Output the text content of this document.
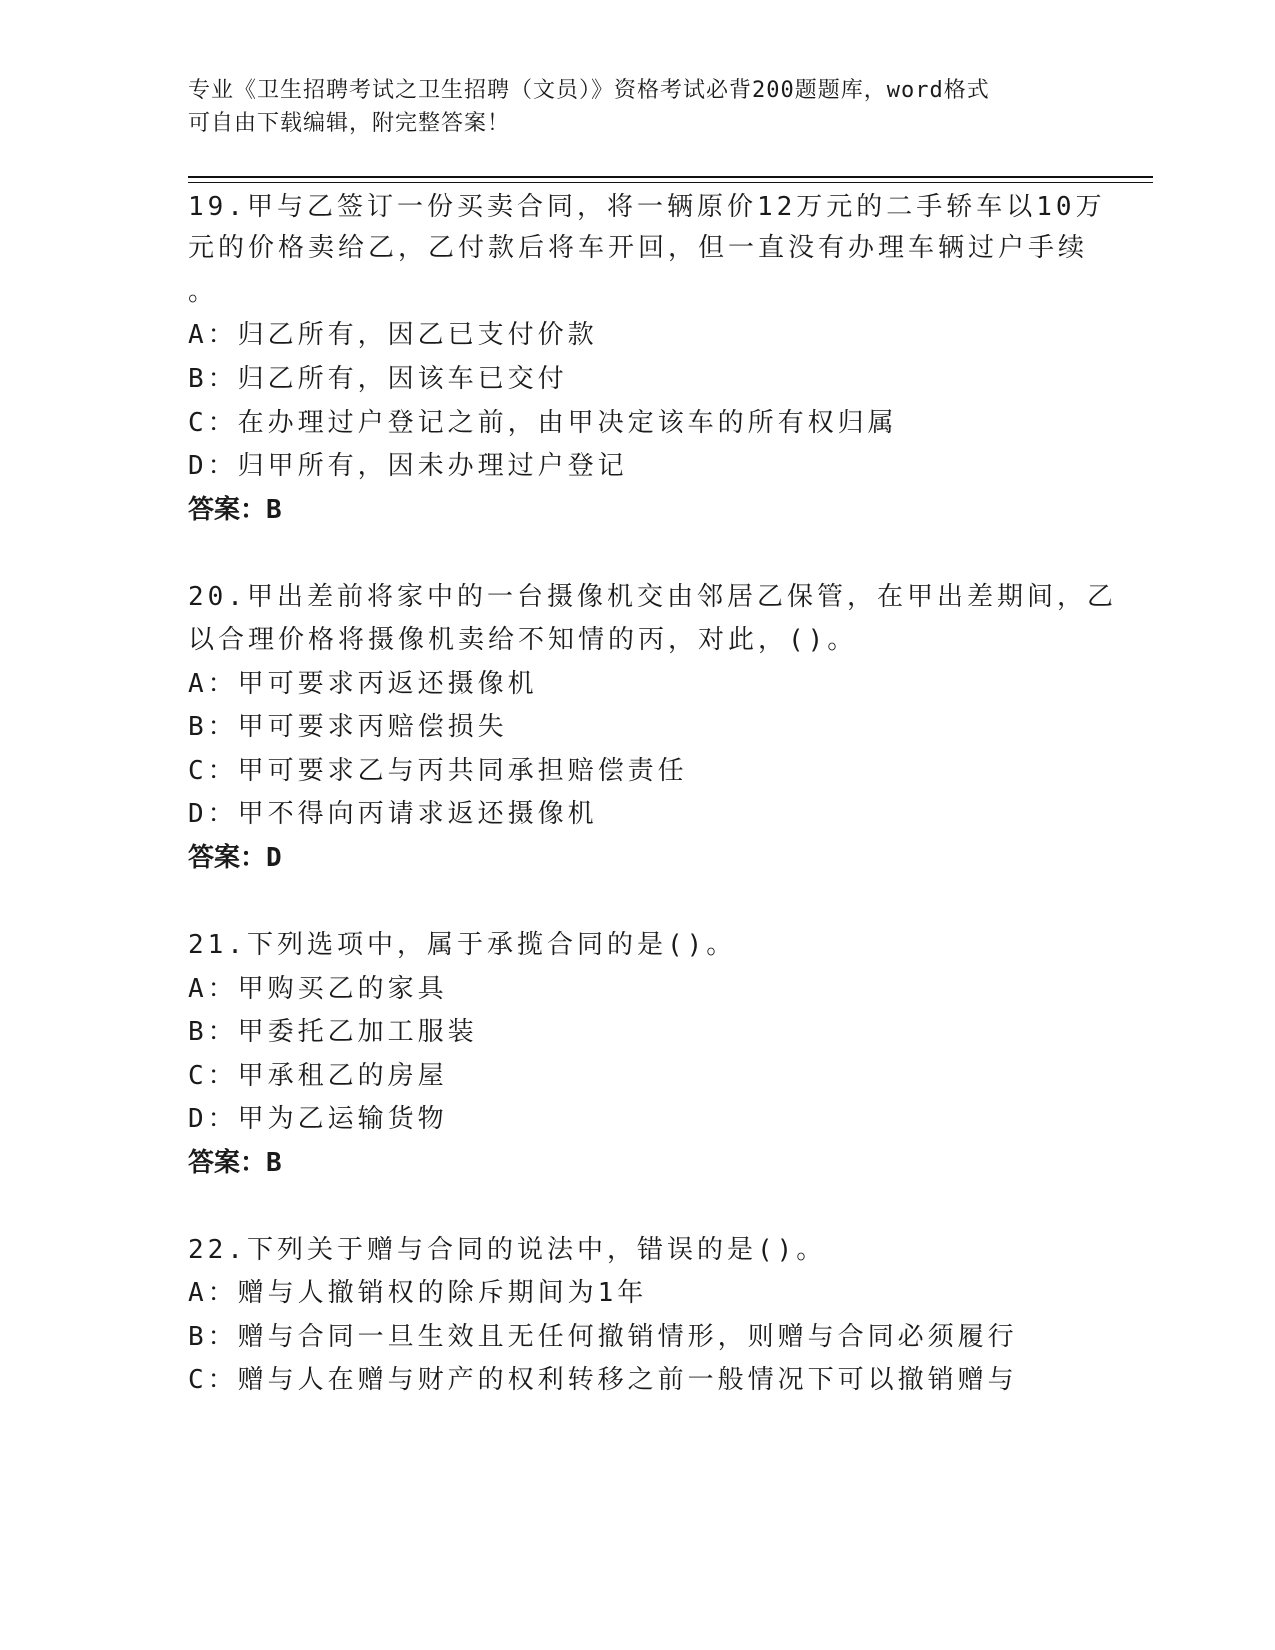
专业《卫生招聘考试之卫生招聘（文员）》资格考试必背200题题库，word格式
可自由下载编辑，附完整答案！
19.甲与乙签订一份买卖合同，将一辆原价12万元的二手轿车以10万
元的价格卖给乙，乙付款后将车开回，但一直没有办理车辆过户手续
。
A：归乙所有，因乙已支付价款
B：归乙所有，因该车已交付
C：在办理过户登记之前，由甲决定该车的所有权归属
D：归甲所有，因未办理过户登记
答案：B
20.甲出差前将家中的一台摄像机交由邻居乙保管，在甲出差期间，乙
以合理价格将摄像机卖给不知情的丙，对此，()。
A：甲可要求丙返还摄像机
B：甲可要求丙赔偿损失
C：甲可要求乙与丙共同承担赔偿责任
D：甲不得向丙请求返还摄像机
答案：D
21.下列选项中，属于承揽合同的是()。
A：甲购买乙的家具
B：甲委托乙加工服装
C：甲承租乙的房屋
D：甲为乙运输货物
答案：B
22.下列关于赠与合同的说法中，错误的是()。
A：赠与人撤销权的除斥期间为1年
B：赠与合同一旦生效且无任何撤销情形，则赠与合同必须履行
C：赠与人在赠与财产的权利转移之前一般情况下可以撤销赠与
